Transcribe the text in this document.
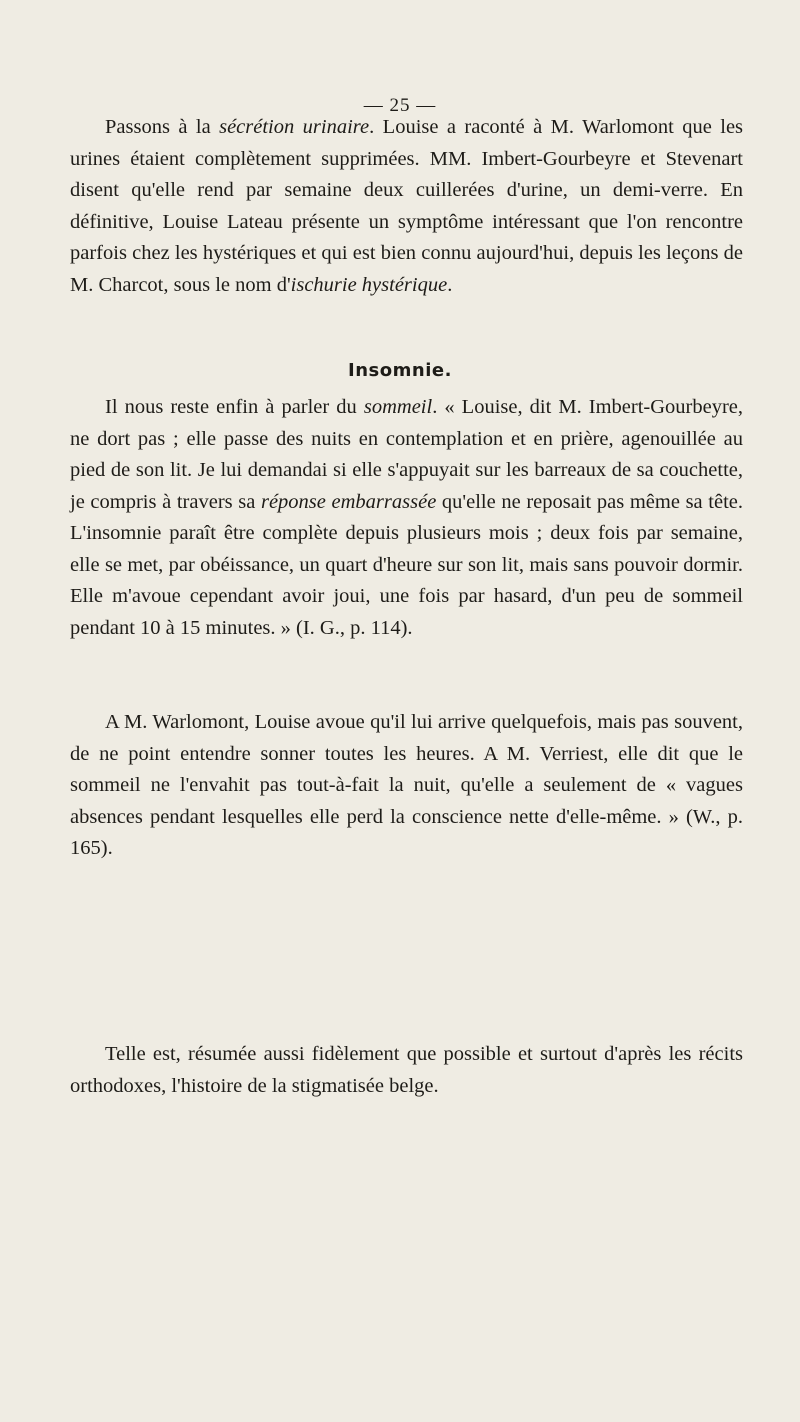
— 25 —

Passons à la sécrétion urinaire. Louise a raconté à M. Warlomont que les urines étaient complètement supprimées. MM. Imbert-Gourbeyre et Stevenart disent qu'elle rend par semaine deux cuillerées d'urine, un demi-verre. En définitive, Louise Lateau présente un symptôme intéressant que l'on rencontre parfois chez les hystériques et qui est bien connu aujourd'hui, depuis les leçons de M. Charcot, sous le nom d'ischurie hystérique.

Insomnie.

Il nous reste enfin à parler du sommeil. « Louise, dit M. Imbert-Gourbeyre, ne dort pas ; elle passe des nuits en contemplation et en prière, agenouillée au pied de son lit. Je lui demandai si elle s'appuyait sur les barreaux de sa couchette, je compris à travers sa réponse embarrassée qu'elle ne reposait pas même sa tête. L'insomnie paraît être complète depuis plusieurs mois ; deux fois par semaine, elle se met, par obéissance, un quart d'heure sur son lit, mais sans pouvoir dormir. Elle m'avoue cependant avoir joui, une fois par hasard, d'un peu de sommeil pendant 10 à 15 minutes. » (I. G., p. 114).

A M. Warlomont, Louise avoue qu'il lui arrive quelquefois, mais pas souvent, de ne point entendre sonner toutes les heures. A M. Verriest, elle dit que le sommeil ne l'envahit pas tout-à-fait la nuit, qu'elle a seulement de « vagues absences pendant lesquelles elle perd la conscience nette d'elle-même. » (W., p. 165).

Telle est, résumée aussi fidèlement que possible et surtout d'après les récits orthodoxes, l'histoire de la stigmatisée belge.
